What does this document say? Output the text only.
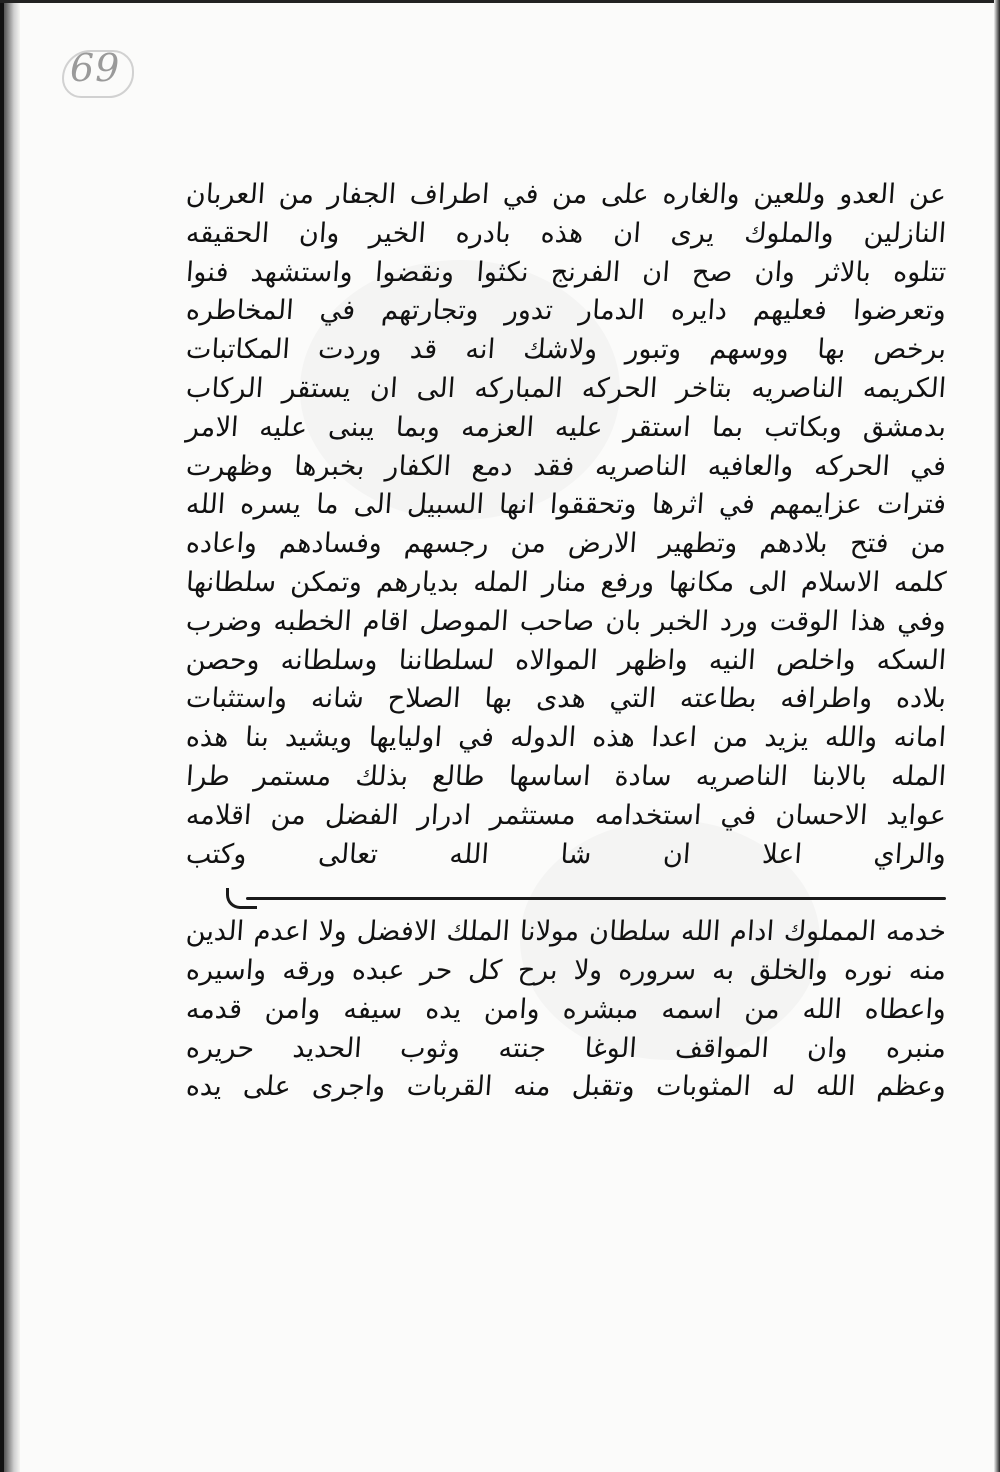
69
عن العدو وللعين والغاره على من في اطراف الجفار من العربان
النازلين والملوك يرى ان هذه بادره الخير وان الحقيقه
تتلوه بالاثر وان صح ان الفرنج نكثوا ونقضوا واستشهد فنوا
وتعرضوا فعليهم دايره الدمار تدور وتجارتهم في المخاطره
برخص بها ووسهم وتبور ولاشك انه قد وردت المكاتبات
الكريمه الناصريه بتاخر الحركه المباركه الى ان يستقر الركاب
بدمشق وبكاتب بما استقر عليه العزمه وبما يبنى عليه الامر
في الحركه والعافيه الناصريه فقد دمع الكفار بخبرها وظهرت
فترات عزايمهم في اثرها وتحققوا انها السبيل الى ما يسره الله
من فتح بلادهم وتطهير الارض من رجسهم وفسادهم واعاده
كلمه الاسلام الى مكانها ورفع منار المله بديارهم وتمكن سلطانها
وفي هذا الوقت ورد الخبر بان صاحب الموصل اقام الخطبه وضرب
السكه واخلص النيه واظهر الموالاه لسلطاننا وسلطانه وحصن
بلاده واطرافه بطاعته التي هدى بها الصلاح شانه واستثبات
امانه والله يزيد من اعدا هذه الدوله في اوليايها ويشيد بنا هذه
المله بالابنا الناصريه سادة اساسها طالع بذلك مستمر طرا
عوايد الاحسان في استخدامه مستثمر ادرار الفضل من اقلامه
والراي اعلا ان شا الله تعالى وكتب
خدمه المملوك ادام الله سلطان مولانا الملك الافضل ولا اعدم الدين
منه نوره والخلق به سروره ولا برح كل حر عبده ورقه واسيره
واعطاه الله من اسمه مبشره وامن يده سيفه وامن قدمه
منبره وان المواقف الوغا جنته وثوب الحديد حريره
وعظم الله له المثوبات وتقبل منه القربات واجرى على يده
